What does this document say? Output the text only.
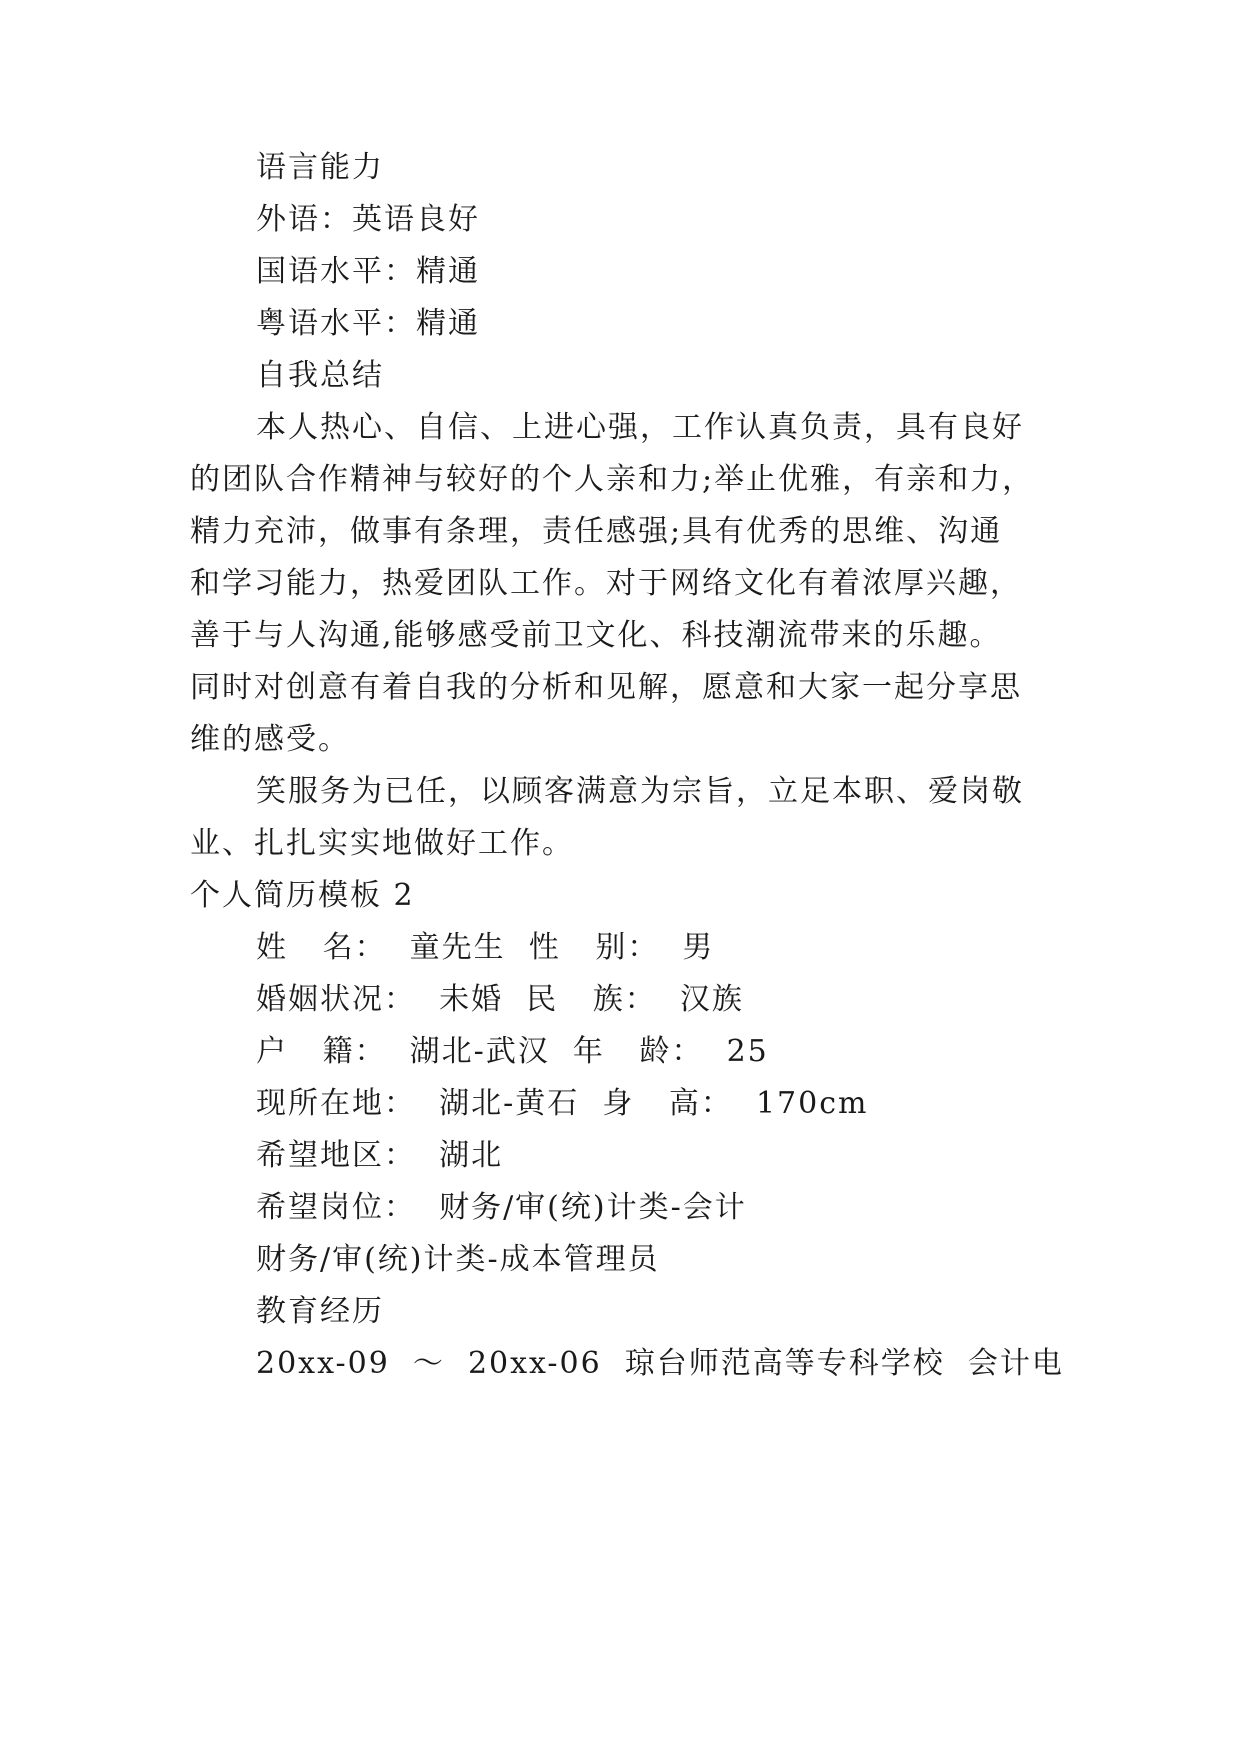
语言能力
外语：英语良好
国语水平：精通
粤语水平：精通
自我总结
本人热心、自信、上进心强，工作认真负责，具有良好
的团队合作精神与较好的个人亲和力;举止优雅，有亲和力，
精力充沛，做事有条理，责任感强;具有优秀的思维、沟通
和学习能力，热爱团队工作。对于网络文化有着浓厚兴趣，
善于与人沟通,能够感受前卫文化、科技潮流带来的乐趣。
同时对创意有着自我的分析和见解，愿意和大家一起分享思
维的感受。
笑服务为已任，以顾客满意为宗旨，立足本职、爱岗敬
业、扎扎实实地做好工作。
个人简历模板 2
姓   名：  童先生  性   别：  男
婚姻状况：  未婚  民   族：  汉族
户   籍：  湖北-武汉  年   龄：  25
现所在地：  湖北-黄石  身   高：  170cm
希望地区：  湖北
希望岗位：  财务/审(统)计类-会计
财务/审(统)计类-成本管理员
教育经历
20xx-09  ～  20xx-06  琼台师范高等专科学校  会计电
